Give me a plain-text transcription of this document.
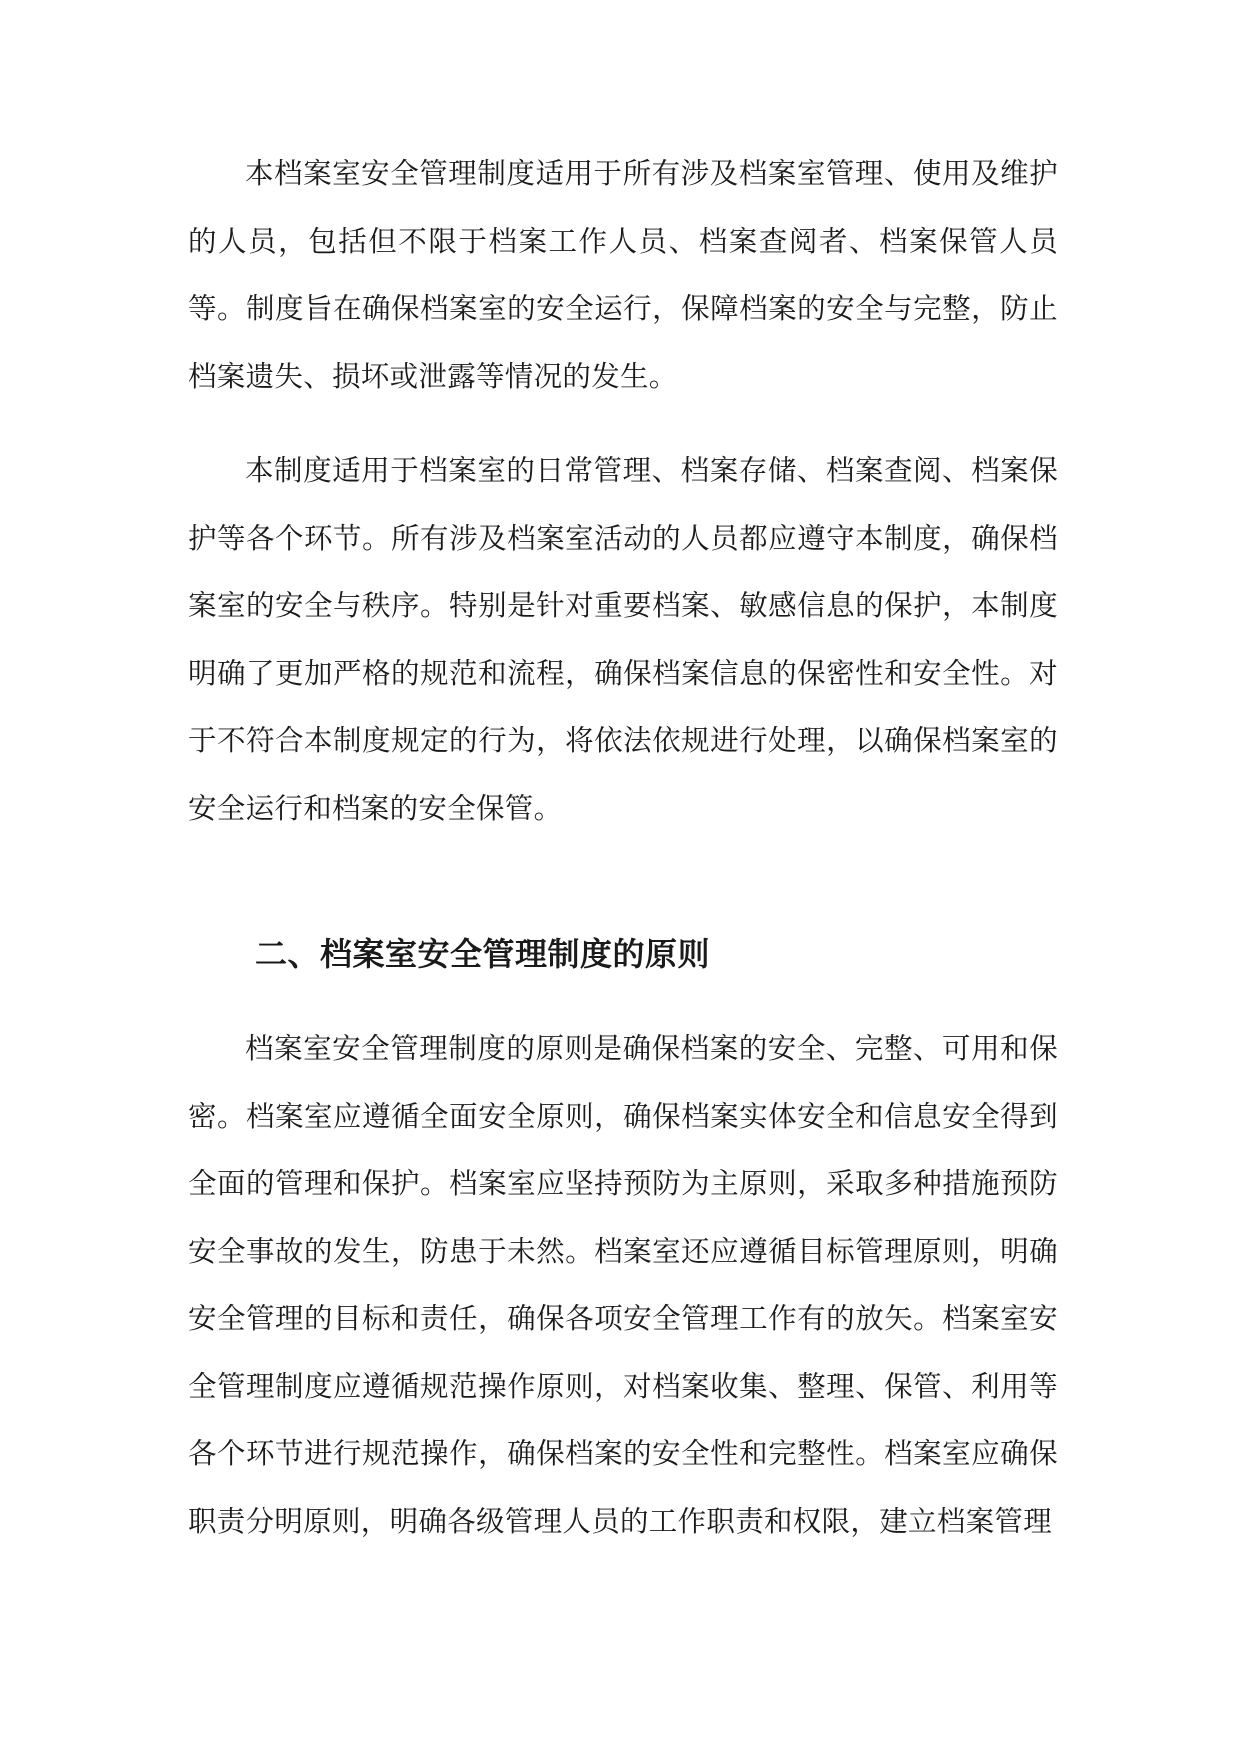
本档案室安全管理制度适用于所有涉及档案室管理、使用及维护的人员，包括但不限于档案工作人员、档案查阅者、档案保管人员等。制度旨在确保档案室的安全运行，保障档案的安全与完整，防止档案遗失、损坏或泄露等情况的发生。

本制度适用于档案室的日常管理、档案存储、档案查阅、档案保护等各个环节。所有涉及档案室活动的人员都应遵守本制度，确保档案室的安全与秩序。特别是针对重要档案、敏感信息的保护，本制度明确了更加严格的规范和流程，确保档案信息的保密性和安全性。对于不符合本制度规定的行为，将依法依规进行处理，以确保档案室的安全运行和档案的安全保管。

二、档案室安全管理制度的原则

档案室安全管理制度的原则是确保档案的安全、完整、可用和保密。档案室应遵循全面安全原则，确保档案实体安全和信息安全得到全面的管理和保护。档案室应坚持预防为主原则，采取多种措施预防安全事故的发生，防患于未然。档案室还应遵循目标管理原则，明确安全管理的目标和责任，确保各项安全管理工作有的放矢。档案室安全管理制度应遵循规范操作原则，对档案收集、整理、保管、利用等各个环节进行规范操作，确保档案的安全性和完整性。档案室应确保职责分明原则，明确各级管理人员的工作职责和权限，建立档案管理
